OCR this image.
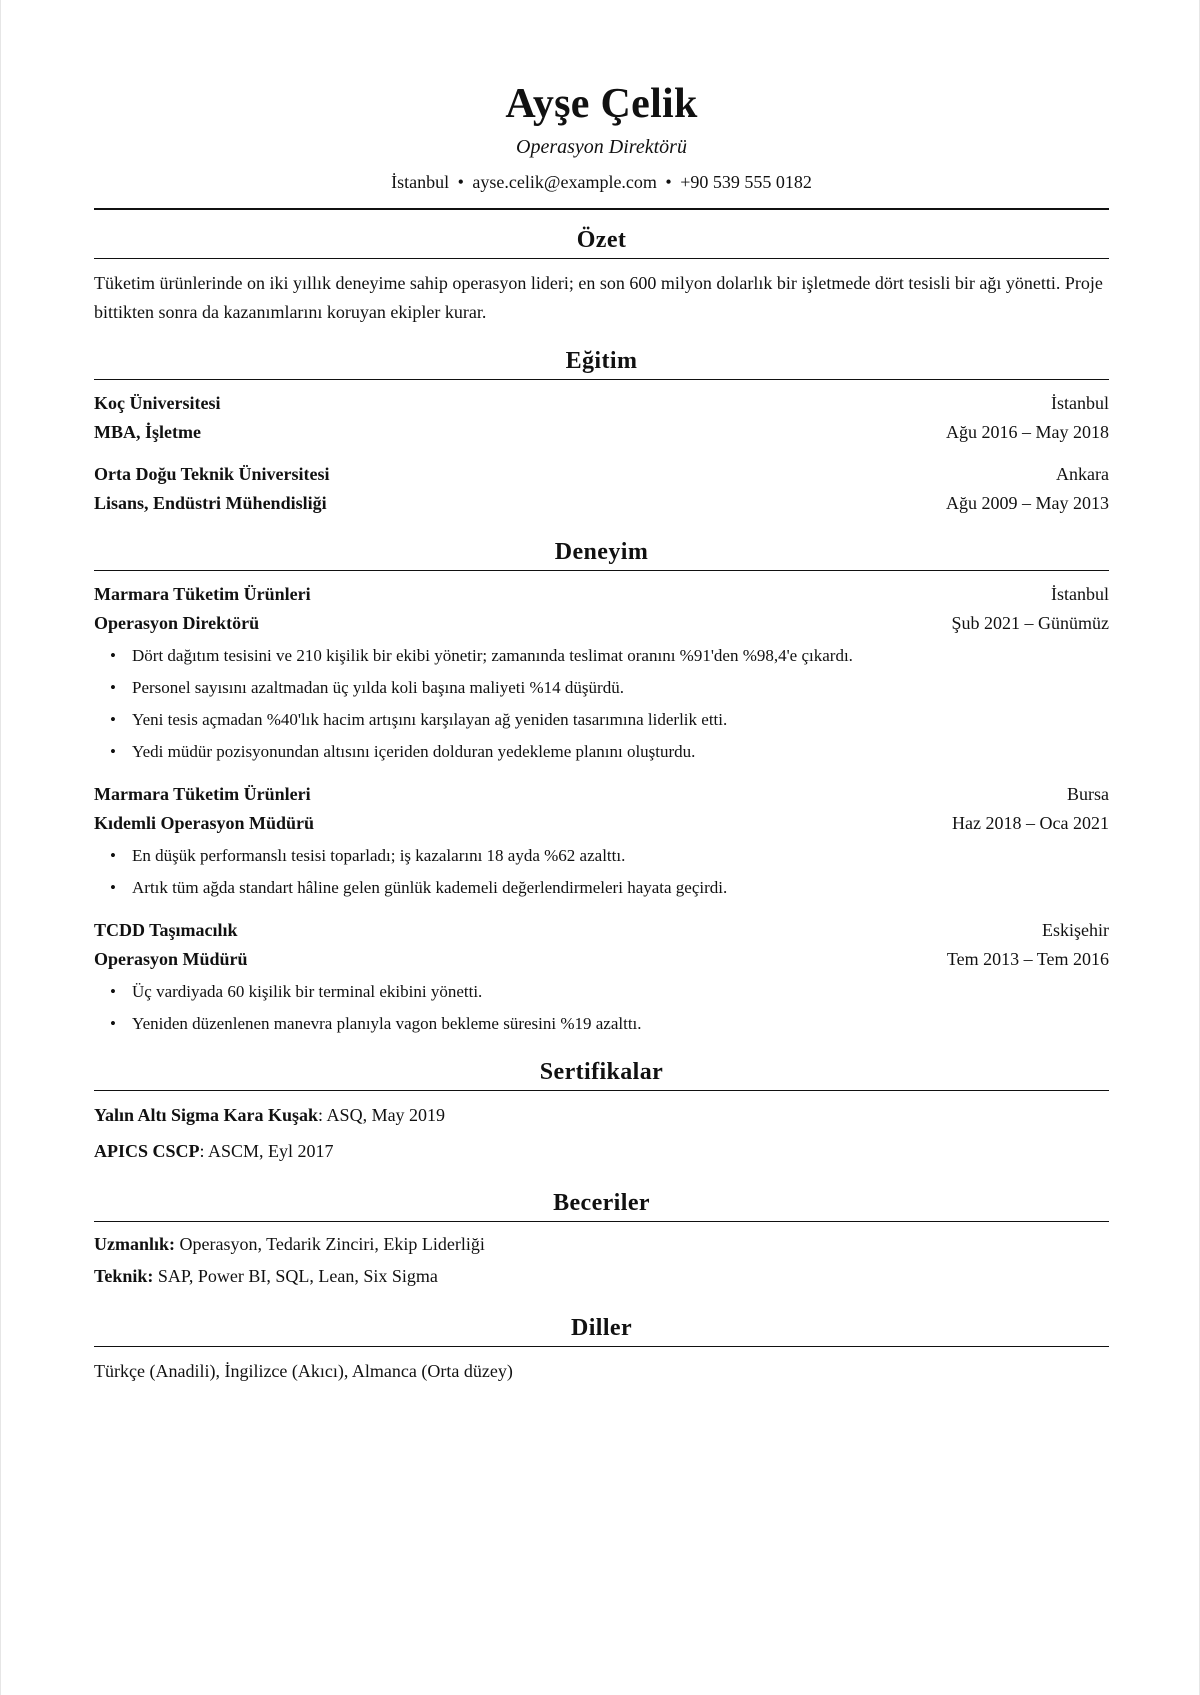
Ayşe Çelik
Operasyon Direktörü
İstanbul • ayse.celik@example.com • +90 539 555 0182
Özet
Tüketim ürünlerinde on iki yıllık deneyime sahip operasyon lideri; en son 600 milyon dolarlık bir işletmede dört tesisli bir ağı yönetti. Proje bittikten sonra da kazanımlarını koruyan ekipler kurar.
Eğitim
Koç Üniversitesi	İstanbul
MBA, İşletme	Ağu 2016 – May 2018
Orta Doğu Teknik Üniversitesi	Ankara
Lisans, Endüstri Mühendisliği	Ağu 2009 – May 2013
Deneyim
Marmara Tüketim Ürünleri	İstanbul
Operasyon Direktörü	Şub 2021 – Günümüz
• Dört dağıtım tesisini ve 210 kişilik bir ekibi yönetir; zamanında teslimat oranını %91'den %98,4'e çıkardı.
• Personel sayısını azaltmadan üç yılda koli başına maliyeti %14 düşürdü.
• Yeni tesis açmadan %40'lık hacim artışını karşılayan ağ yeniden tasarımına liderlik etti.
• Yedi müdür pozisyonundan altısını içeriden dolduran yedekleme planını oluşturdu.
Marmara Tüketim Ürünleri	Bursa
Kıdemli Operasyon Müdürü	Haz 2018 – Oca 2021
• En düşük performanslı tesisi toparladı; iş kazalarını 18 ayda %62 azalttı.
• Artık tüm ağda standart hâline gelen günlük kademeli değerlendirmeleri hayata geçirdi.
TCDD Taşımacılık	Eskişehir
Operasyon Müdürü	Tem 2013 – Tem 2016
• Üç vardiyada 60 kişilik bir terminal ekibini yönetti.
• Yeniden düzenlenen manevra planıyla vagon bekleme süresini %19 azalttı.
Sertifikalar
Yalın Altı Sigma Kara Kuşak: ASQ, May 2019
APICS CSCP: ASCM, Eyl 2017
Beceriler
Uzmanlık: Operasyon, Tedarik Zinciri, Ekip Liderliği
Teknik: SAP, Power BI, SQL, Lean, Six Sigma
Diller
Türkçe (Anadili), İngilizce (Akıcı), Almanca (Orta düzey)
